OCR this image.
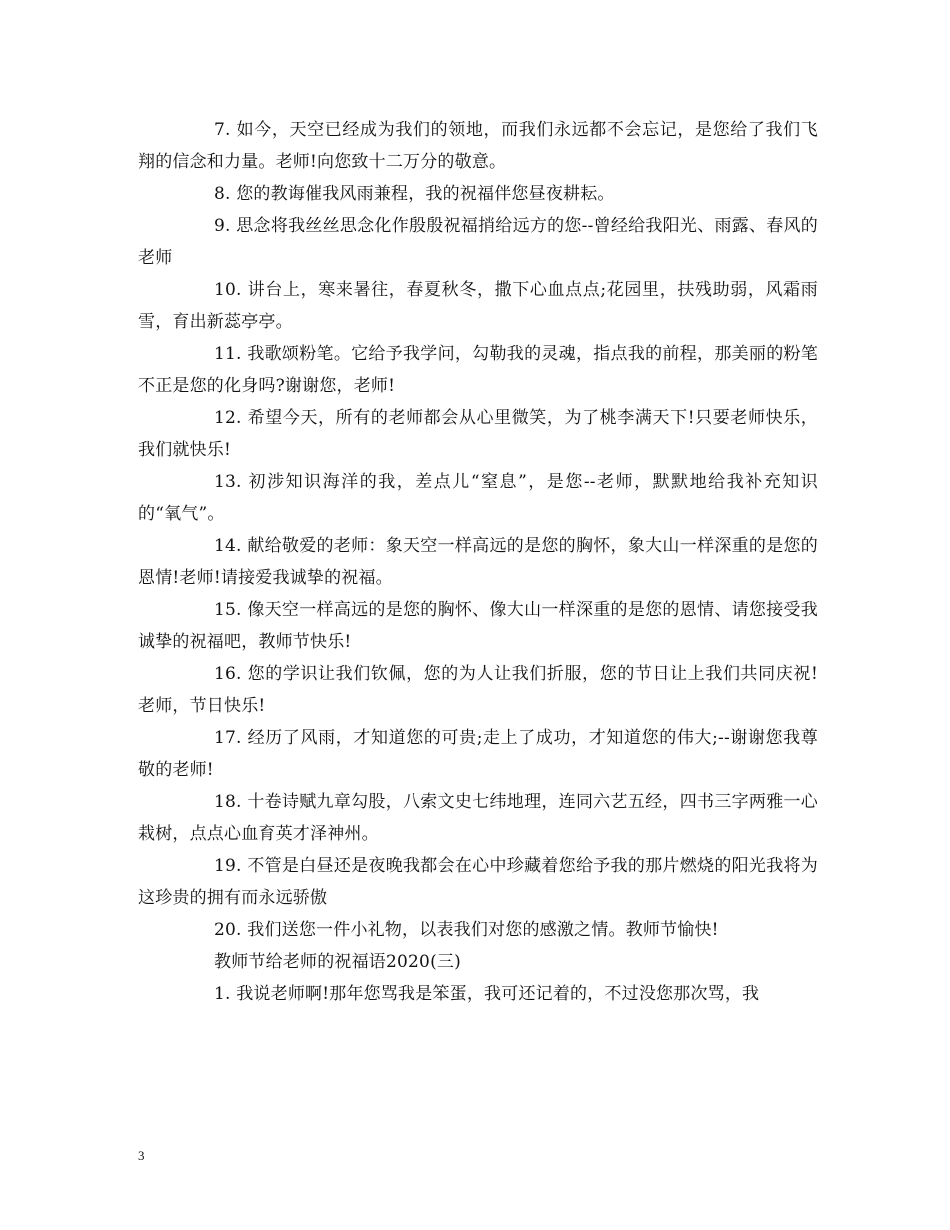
7. 如今，天空已经成为我们的领地，而我们永远都不会忘记，是您给了我们飞翔的信念和力量。老师!向您致十二万分的敬意。

8. 您的教诲催我风雨兼程，我的祝福伴您昼夜耕耘。

9. 思念将我丝丝思念化作殷殷祝福捎给远方的您--曾经给我阳光、雨露、春风的老师

10. 讲台上，寒来暑往，春夏秋冬，撒下心血点点;花园里，扶残助弱，风霜雨雪，育出新蕊亭亭。

11. 我歌颂粉笔。它给予我学问，勾勒我的灵魂，指点我的前程，那美丽的粉笔不正是您的化身吗?谢谢您，老师!

12. 希望今天，所有的老师都会从心里微笑，为了桃李满天下!只要老师快乐，我们就快乐!

13. 初涉知识海洋的我，差点儿“窒息”，是您--老师，默默地给我补充知识的“氧气”。

14. 献给敬爱的老师：象天空一样高远的是您的胸怀，象大山一样深重的是您的恩情!老师!请接爱我诚挚的祝福。

15. 像天空一样高远的是您的胸怀、像大山一样深重的是您的恩情、请您接受我诚挚的祝福吧，教师节快乐!

16. 您的学识让我们钦佩，您的为人让我们折服，您的节日让上我们共同庆祝!老师，节日快乐!

17. 经历了风雨，才知道您的可贵;走上了成功，才知道您的伟大;--谢谢您我尊敬的老师!

18. 十卷诗赋九章勾股，八索文史七纬地理，连同六艺五经，四书三字两雅一心栽树，点点心血育英才泽神州。

19. 不管是白昼还是夜晚我都会在心中珍藏着您给予我的那片燃烧的阳光我将为这珍贵的拥有而永远骄傲

20. 我们送您一件小礼物，以表我们对您的感激之情。教师节愉快!

教师节给老师的祝福语2020(三)

1. 我说老师啊!那年您骂我是笨蛋，我可还记着的，不过没您那次骂，我

3
